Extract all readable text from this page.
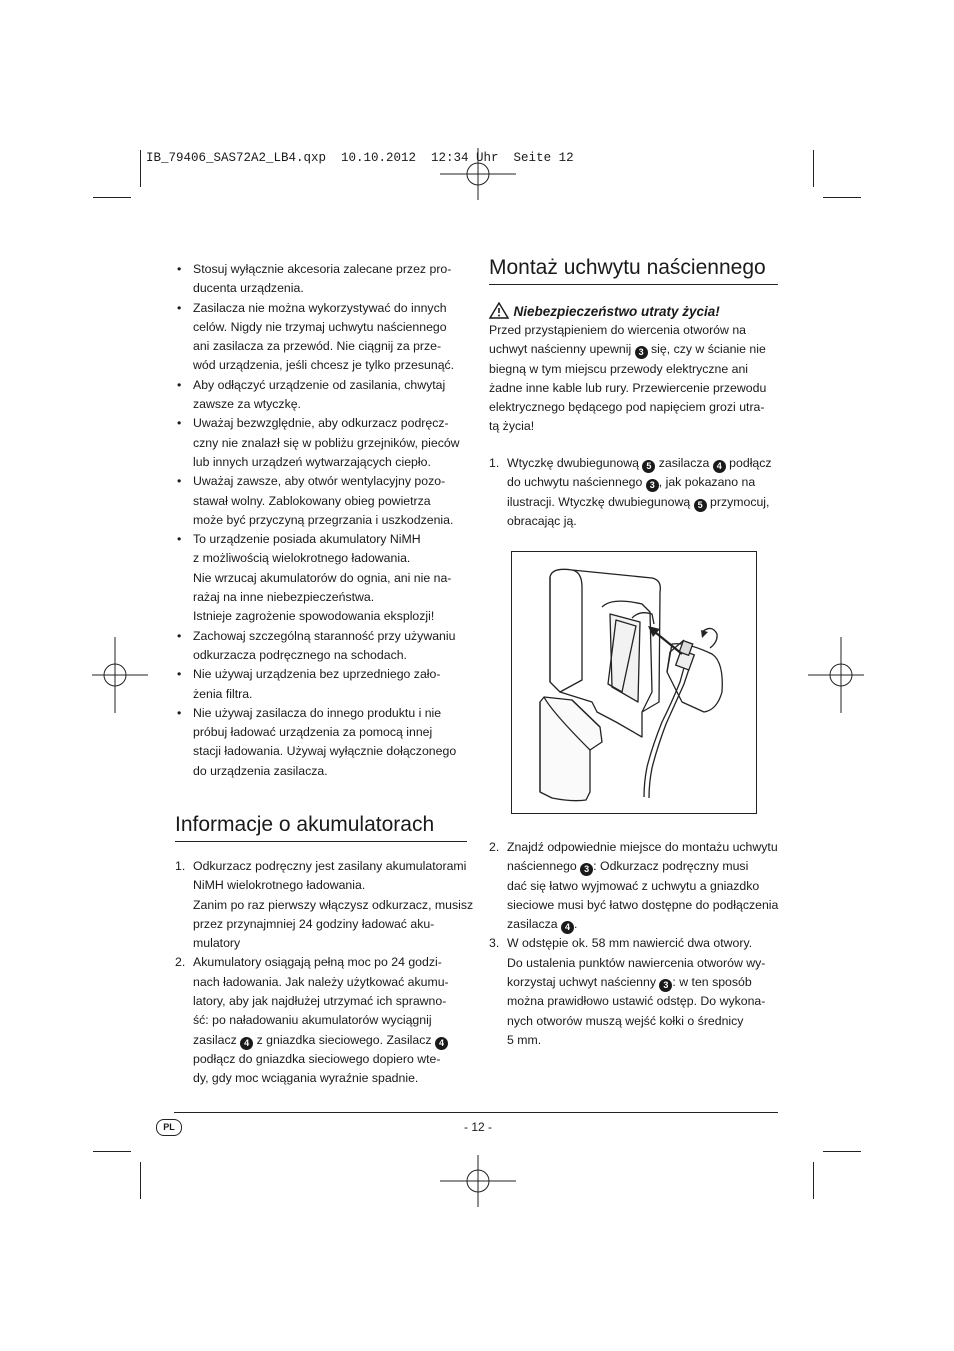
IB_79406_SAS72A2_LB4.qxp  10.10.2012  12:34 Uhr  Seite 12
• Stosuj wyłącznie akcesoria zalecane przez pro-
ducenta urządzenia.
• Zasilacza nie można wykorzystywać do innych
celów. Nigdy nie trzymaj uchwytu naściennego
ani zasilacza za przewód. Nie ciągnij za prze-
wód urządzenia, jeśli chcesz je tylko przesunąć.
• Aby odłączyć urządzenie od zasilania, chwytaj
zawsze za wtyczkę.
• Uważaj bezwzględnie, aby odkurzacz podręcz-
czny nie znalazł się w pobliżu grzejników, pieców
lub innych urządzeń wytwarzających ciepło.
• Uważaj zawsze, aby otwór wentylacyjny pozo-
stawał wolny. Zablokowany obieg powietrza
może być przyczyną przegrzania i uszkodzenia.
• To urządzenie posiada akumulatory NiMH
z możliwością wielokrotnego ładowania.
Nie wrzucaj akumulatorów do ognia, ani nie na-
rażaj na inne niebezpieczeństwa.
Istnieje zagrożenie spowodowania eksplozji!
• Zachowaj szczególną staranność przy używaniu
odkurzacza podręcznego na schodach.
• Nie używaj urządzenia bez uprzedniego zało-
żenia filtra.
• Nie używaj zasilacza do innego produktu i nie
próbuj ładować urządzenia za pomocą innej
stacji ładowania. Używaj wyłącznie dołączonego
do urządzenia zasilacza.
Informacje o akumulatorach
1. Odkurzacz podręczny jest zasilany akumulatorami
NiMH wielokrotnego ładowania.
Zanim po raz pierwszy włączysz odkurzacz, musisz
przez przynajmniej 24 godziny ładować aku-
mulatory
2. Akumulatory osiągają pełną moc po 24 godzi-
nach ładowania. Jak należy użytkować akumu-
latory, aby jak najdłużej utrzymać ich sprawno-
ść: po naładowaniu akumulatorów wyciągnij
zasilacz 4 z gniazdka sieciowego. Zasilacz 4
podłącz do gniazdka sieciowego dopiero wte-
dy, gdy moc wciągania wyraźnie spadnie.
Montaż uchwytu naściennego
Niebezpieczeństwo utraty życia!
Przed przystąpieniem do wiercenia otworów na
uchwyt naścienny upewnij 3 się, czy w ścianie nie
biegną w tym miejscu przewody elektryczne ani
żadne inne kable lub rury. Przewiercenie przewodu
elektrycznego będącego pod napięciem grozi utra-
tą życia!
1. Wtyczkę dwubiegunową 5 zasilacza 4 podłącz
do uchwytu naściennego 3 , jak pokazano na
ilustracji. Wtyczkę dwubiegunową 5 przymocuj,
obracając ją.
2. Znajdź odpowiednie miejsce do montażu uchwytu
naściennego 3 : Odkurzacz podręczny musi
dać się łatwo wyjmować z uchwytu a gniazdko
sieciowe musi być łatwo dostępne do podłączenia
zasilacza 4 .
3. W odstępie ok. 58 mm nawiercić dwa otwory.
Do ustalenia punktów nawiercenia otworów wy-
korzystaj uchwyt naścienny 3 : w ten sposób
można prawidłowo ustawić odstęp. Do wykona-
nych otworów muszą wejść kołki o średnicy
5 mm.
PL	- 12 -
